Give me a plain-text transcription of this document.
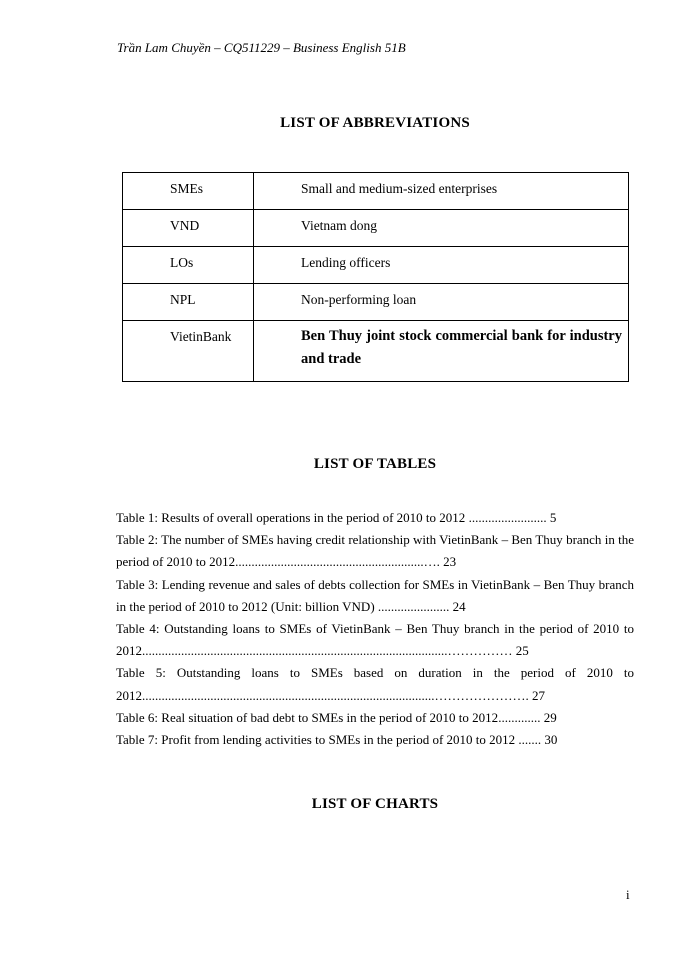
Trần Lam Chuyền – CQ511229 – Business English 51B
LIST OF ABBREVIATIONS
SMEs	Small and medium-sized enterprises
VND	Vietnam dong
LOs	Lending officers
NPL	Non-performing loan
VietinBank	Ben Thuy joint stock commercial bank for industry and trade
LIST OF TABLES
Table 1: Results of overall operations in the period of 2010 to 2012 ........................ 5
Table 2: The number of SMEs having credit relationship with VietinBank – Ben Thuy branch in the period of 2010 to 2012..........................................................…. 23
Table 3: Lending revenue and sales of debts collection for SMEs in VietinBank – Ben Thuy branch in the period of 2010 to 2012 (Unit: billion VND) ...................... 24
Table 4: Outstanding loans to SMEs of VietinBank – Ben Thuy branch in the period of 2010 to 2012..............................................................................................…………… 25
Table 5: Outstanding loans to SMEs based on duration in the period of 2010 to 2012..........................................................................................…………………. 27
Table 6: Real situation of bad debt to SMEs in the period of 2010 to 2012............. 29
Table 7: Profit from lending activities to SMEs in the period of 2010 to 2012 ....... 30
LIST OF CHARTS
i
